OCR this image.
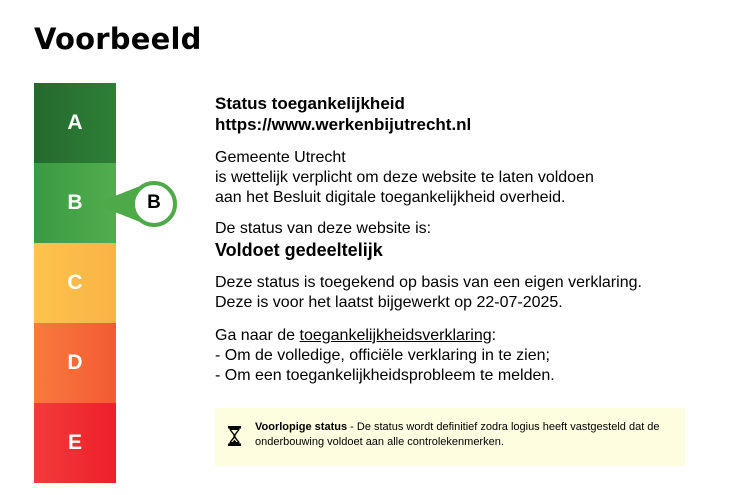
Voorbeeld
A
B
C
D
E
B
Status toegankelijkheid
https://www.werkenbijutrecht.nl
Gemeente Utrecht
is wettelijk verplicht om deze website te laten voldoen
aan het Besluit digitale toegankelijkheid overheid.
De status van deze website is:
Voldoet gedeeltelijk
Deze status is toegekend op basis van een eigen verklaring.
Deze is voor het laatst bijgewerkt op 22-07-2025.
Ga naar de toegankelijkheidsverklaring:
- Om de volledige, officiële verklaring in te zien;
- Om een toegankelijkheidsprobleem te melden.
Voorlopige status - De status wordt definitief zodra logius heeft vastgesteld dat de onderbouwing voldoet aan alle controlekenmerken.
